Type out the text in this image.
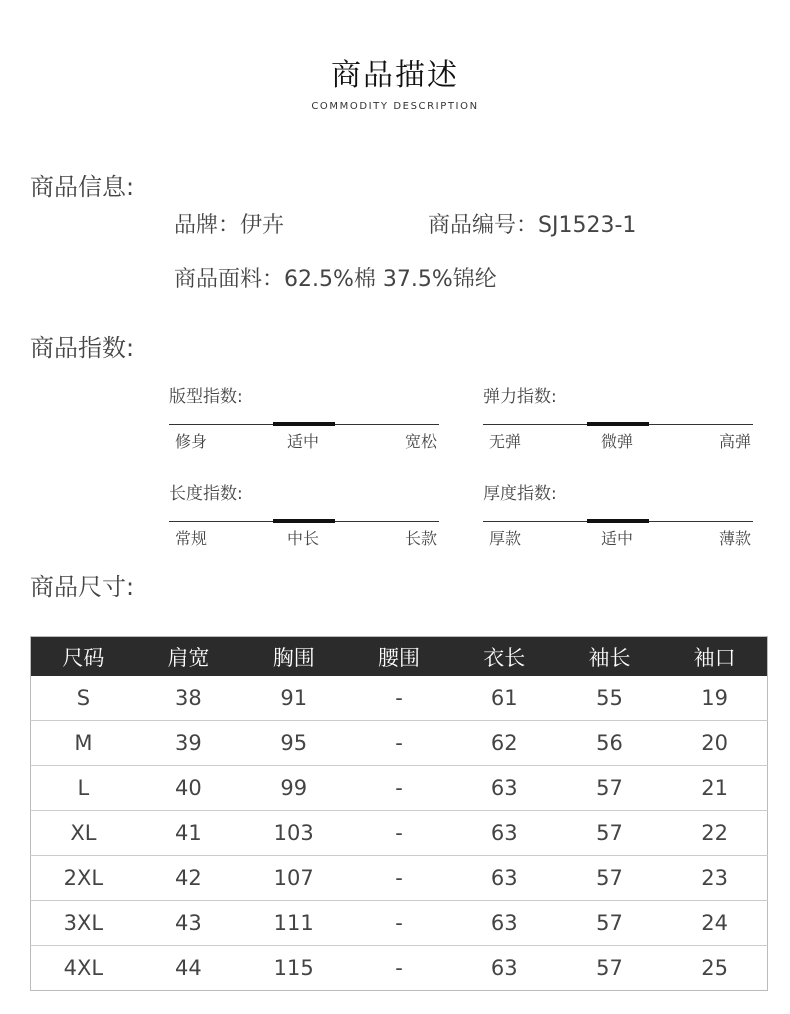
商品描述
COMMODITY DESCRIPTION
商品信息:
品牌：伊卉	商品编号：SJ1523-1
商品面料：62.5%棉 37.5%锦纶
商品指数:
版型指数:
修身	适中	宽松
弹力指数:
无弹	微弹	高弹
长度指数:
常规	中长	长款
厚度指数:
厚款	适中	薄款
商品尺寸:
尺码	肩宽	胸围	腰围	衣长	袖长	袖口
S	38	91	-	61	55	19
M	39	95	-	62	56	20
L	40	99	-	63	57	21
XL	41	103	-	63	57	22
2XL	42	107	-	63	57	23
3XL	43	111	-	63	57	24
4XL	44	115	-	63	57	25
